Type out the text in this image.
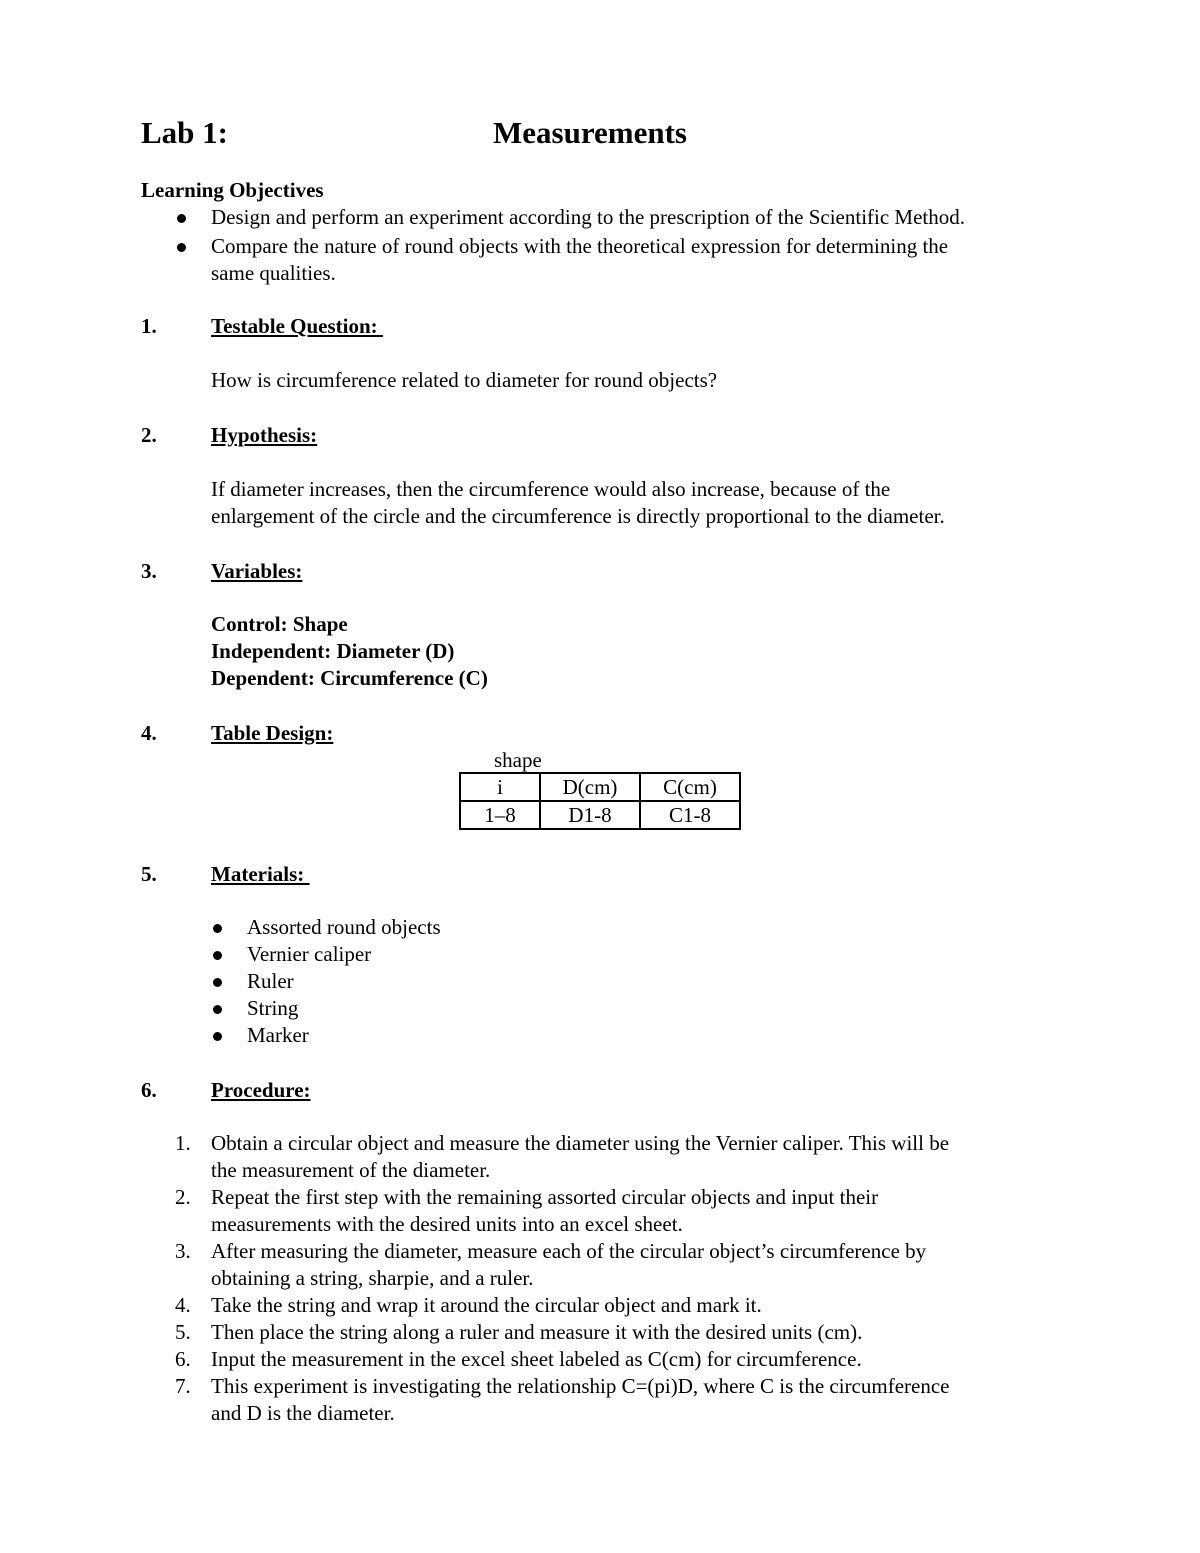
Lab 1:	Measurements
Learning Objectives
Design and perform an experiment according to the prescription of the Scientific Method.
Compare the nature of round objects with the theoretical expression for determining the
same qualities.
1.	Testable Question:
How is circumference related to diameter for round objects?
2.	Hypothesis:
If diameter increases, then the circumference would also increase, because of the
enlargement of the circle and the circumference is directly proportional to the diameter.
3.	Variables:
Control: Shape
Independent: Diameter (D)
Dependent: Circumference (C)
4.	Table Design:
shape
i	D(cm)	C(cm)
1–8	D1-8	C1-8
5.	Materials:
Assorted round objects
Vernier caliper
Ruler
String
Marker
6.	Procedure:
1. Obtain a circular object and measure the diameter using the Vernier caliper. This will be
the measurement of the diameter.
2. Repeat the first step with the remaining assorted circular objects and input their
measurements with the desired units into an excel sheet.
3. After measuring the diameter, measure each of the circular object’s circumference by
obtaining a string, sharpie, and a ruler.
4. Take the string and wrap it around the circular object and mark it.
5. Then place the string along a ruler and measure it with the desired units (cm).
6. Input the measurement in the excel sheet labeled as C(cm) for circumference.
7. This experiment is investigating the relationship C=(pi)D, where C is the circumference
and D is the diameter.
